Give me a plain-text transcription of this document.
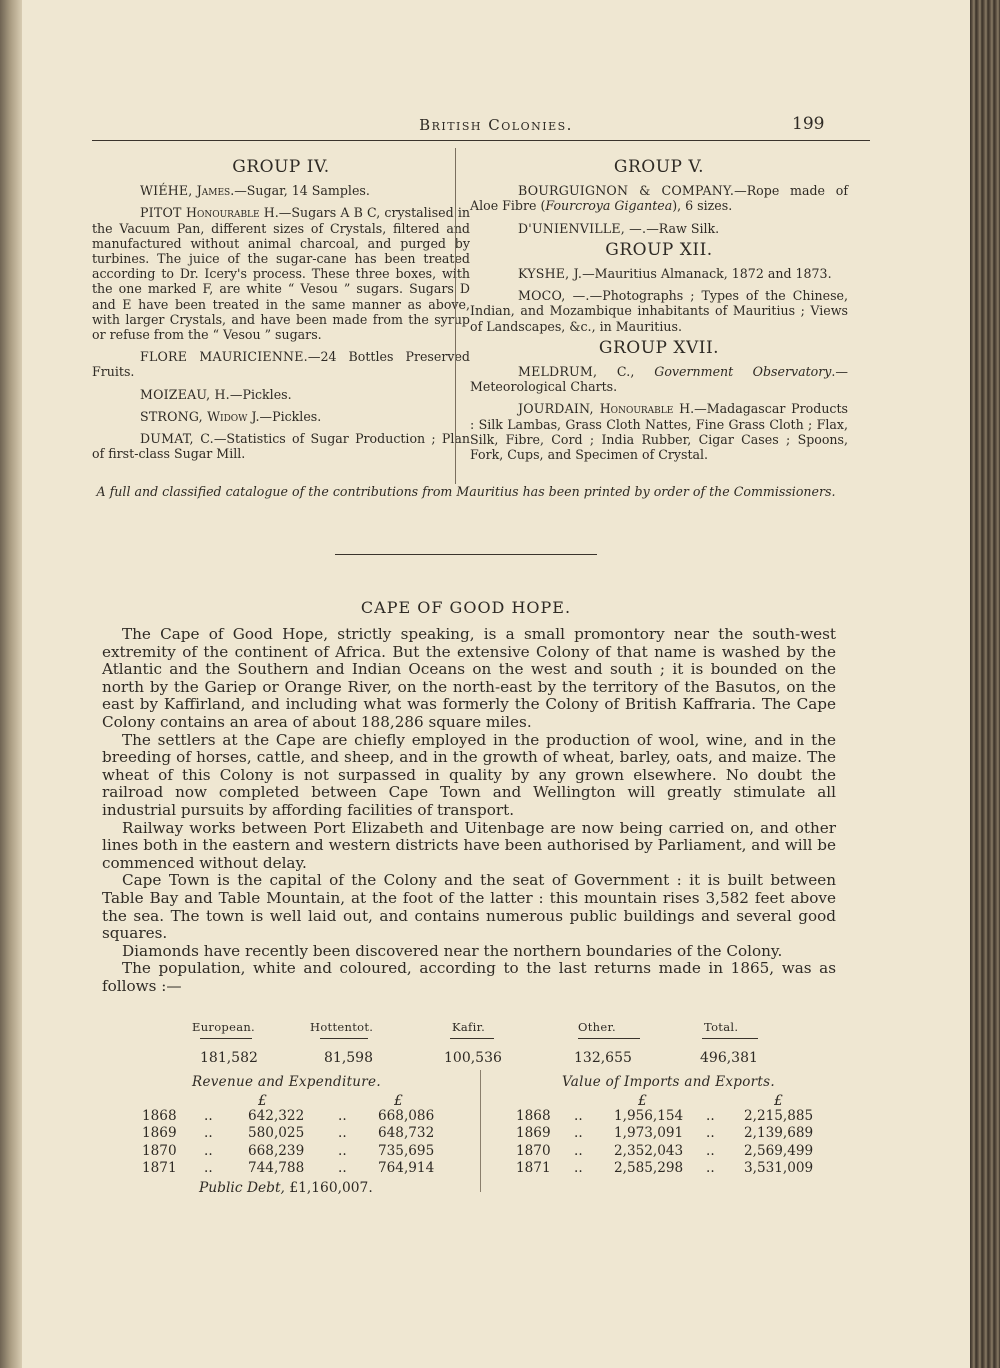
British Colonies.	199
GROUP IV.

WIÉHE, James.—Sugar, 14 Samples.

PITOT Honourable H.—Sugars A B C, crystalised in the Vacuum Pan, different sizes of Crystals, filtered and manufactured without animal charcoal, and purged by turbines. The juice of the sugar-cane has been treated according to Dr. Icery's process. These three boxes, with the one marked F, are white “ Vesou ” sugars. Sugars D and E have been treated in the same manner as above, with larger Crystals, and have been made from the syrup or refuse from the “ Vesou ” sugars.

FLORE MAURICIENNE.—24 Bottles Preserved Fruits.

MOIZEAU, H.—Pickles.

STRONG, Widow J.—Pickles.

DUMAT, C.—Statistics of Sugar Production ; Plan of first-class Sugar Mill.

GROUP V.

BOURGUIGNON & COMPANY.—Rope made of Aloe Fibre (Fourcroya Gigantea), 6 sizes.

D'UNIENVILLE, —.—Raw Silk.

GROUP XII.

KYSHE, J.—Mauritius Almanack, 1872 and 1873.

MOCO, —.—Photographs ; Types of the Chinese, Indian, and Mozambique inhabitants of Mauritius ; Views of Landscapes, &c., in Mauritius.

GROUP XVII.

MELDRUM, C., Government Observatory.—Meteorological Charts.

JOURDAIN, Honourable H.—Madagascar Products : Silk Lambas, Grass Cloth Nattes, Fine Grass Cloth ; Flax, Silk, Fibre, Cord ; India Rubber, Cigar Cases ; Spoons, Fork, Cups, and Specimen of Crystal.

A full and classified catalogue of the contributions from Mauritius has been printed by order of the Commissioners.
CAPE OF GOOD HOPE.

The Cape of Good Hope, strictly speaking, is a small promontory near the south-west extremity of the continent of Africa. But the extensive Colony of that name is washed by the Atlantic and the Southern and Indian Oceans on the west and south ; it is bounded on the north by the Gariep or Orange River, on the north-east by the territory of the Basutos, on the east by Kaffirland, and including what was formerly the Colony of British Kaffraria. The Cape Colony contains an area of about 188,286 square miles.

The settlers at the Cape are chiefly employed in the production of wool, wine, and in the breeding of horses, cattle, and sheep, and in the growth of wheat, barley, oats, and maize. The wheat of this Colony is not surpassed in quality by any grown elsewhere. No doubt the railroad now completed between Cape Town and Wellington will greatly stimulate all industrial pursuits by affording facilities of transport.

Railway works between Port Elizabeth and Uitenbage are now being carried on, and other lines both in the eastern and western districts have been authorised by Parliament, and will be commenced without delay.

Cape Town is the capital of the Colony and the seat of Government : it is built between Table Bay and Table Mountain, at the foot of the latter : this mountain rises 3,582 feet above the sea. The town is well laid out, and contains numerous public buildings and several good squares.

Diamonds have recently been discovered near the northern boundaries of the Colony.

The population, white and coloured, according to the last returns made in 1865, was as follows :—

European.	Hottentot.	Kafir.	Other.	Total.
181,582	81,598	100,536	132,655	496,381
Revenue and Expenditure.	Value of Imports and Exports.
£	£	£	£
1868 ..	642,322 .. 668,086
1869 ..	580,025 .. 648,732
1870 ..	668,239 .. 735,695
1871 ..	744,788 .. 764,914
1868 .. 1,956,154 .. 2,215,885
1869 .. 1,973,091 .. 2,139,689
1870 .. 2,352,043 .. 2,569,499
1871 .. 2,585,298 .. 3,531,009
Public Debt, £1,160,007.
